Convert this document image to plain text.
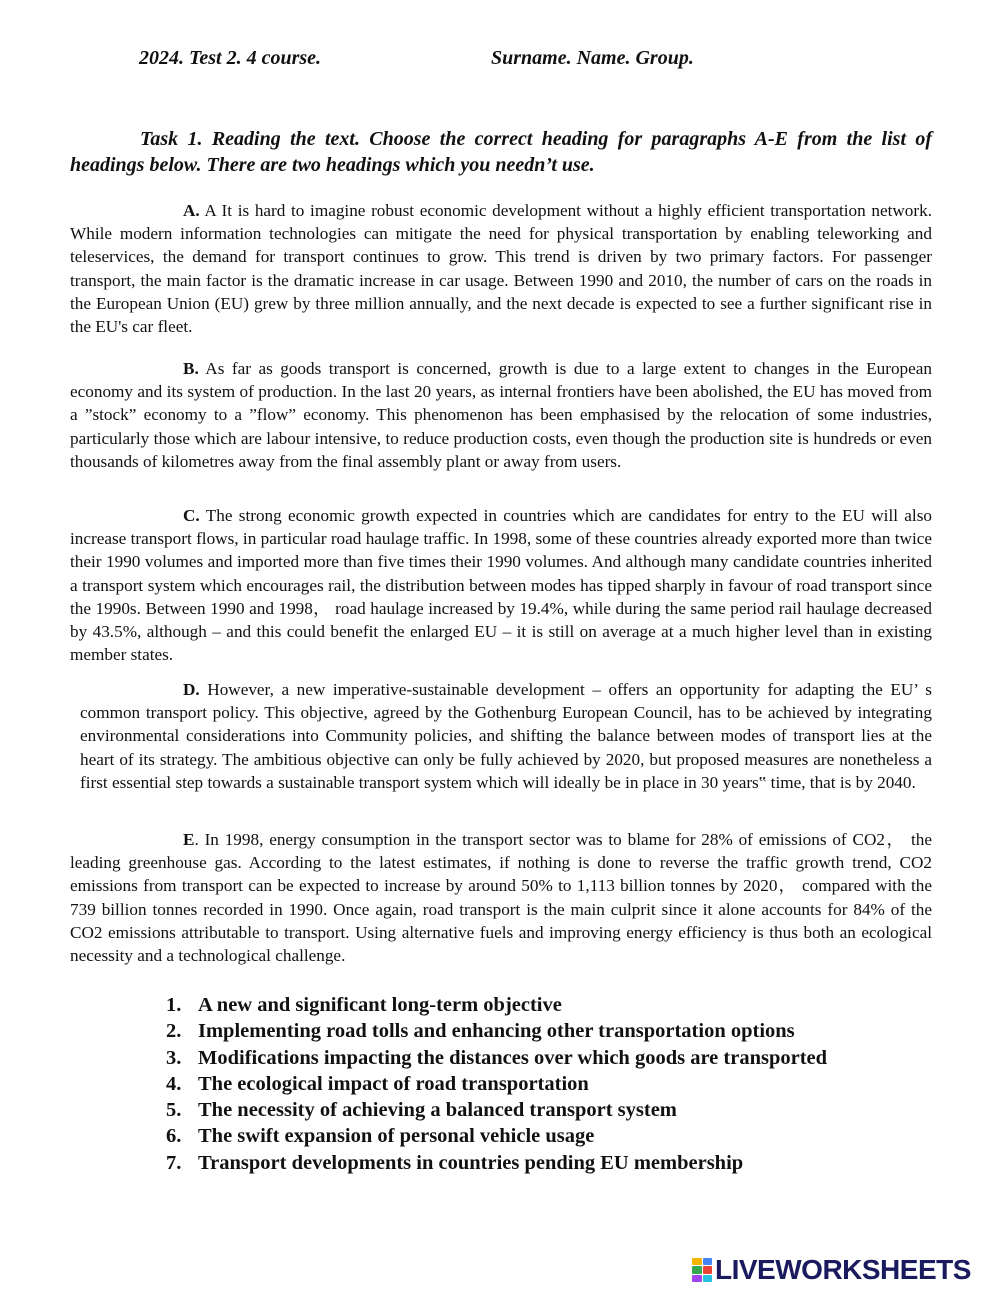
2024. Test 2. 4 course.	Surname. Name. Group.
Task 1. Reading the text. Choose the correct heading for paragraphs A-E from the list of headings below. There are two headings which you needn’t use.
A. A It is hard to imagine robust economic development without a highly efficient transportation network. While modern information technologies can mitigate the need for physical transportation by enabling teleworking and teleservices, the demand for transport continues to grow. This trend is driven by two primary factors. For passenger transport, the main factor is the dramatic increase in car usage. Between 1990 and 2010, the number of cars on the roads in the European Union (EU) grew by three million annually, and the next decade is expected to see a further significant rise in the EU's car fleet.
B. As far as goods transport is concerned, growth is due to a large extent to changes in the European economy and its system of production. In the last 20 years, as internal frontiers have been abolished, the EU has moved from a ”stock” economy to a ”flow” economy. This phenomenon has been emphasised by the relocation of some industries, particularly those which are labour intensive, to reduce production costs, even though the production site is hundreds or even thousands of kilometres away from the final assembly plant or away from users.
C. The strong economic growth expected in countries which are candidates for entry to the EU will also increase transport flows, in particular road haulage traffic. In 1998, some of these countries already exported more than twice their 1990 volumes and imported more than five times their 1990 volumes. And although many candidate countries inherited a transport system which encourages rail, the distribution between modes has tipped sharply in favour of road transport since the 1990s. Between 1990 and 1998， road haulage increased by 19.4%, while during the same period rail haulage decreased by 43.5%, although – and this could benefit the enlarged EU – it is still on average at a much higher level than in existing member states.
D. However, a new imperative-sustainable development – offers an opportunity for adapting the EU’ s common transport policy. This objective, agreed by the Gothenburg European Council, has to be achieved by integrating environmental considerations into Community policies, and shifting the balance between modes of transport lies at the heart of its strategy. The ambitious objective can only be fully achieved by 2020, but proposed measures are nonetheless a first essential step towards a sustainable transport system which will ideally be in place in 30 years‟ time, that is by 2040.
E. In 1998, energy consumption in the transport sector was to blame for 28% of emissions of CO2， the leading greenhouse gas. According to the latest estimates, if nothing is done to reverse the traffic growth trend, CO2 emissions from transport can be expected to increase by around 50% to 1,113 billion tonnes by 2020， compared with the 739 billion tonnes recorded in 1990. Once again, road transport is the main culprit since it alone accounts for 84% of the CO2 emissions attributable to transport. Using alternative fuels and improving energy efficiency is thus both an ecological necessity and a technological challenge.
1. A new and significant long-term objective
2. Implementing road tolls and enhancing other transportation options
3. Modifications impacting the distances over which goods are transported
4. The ecological impact of road transportation
5. The necessity of achieving a balanced transport system
6. The swift expansion of personal vehicle usage
7. Transport developments in countries pending EU membership
LIVEWORKSHEETS
